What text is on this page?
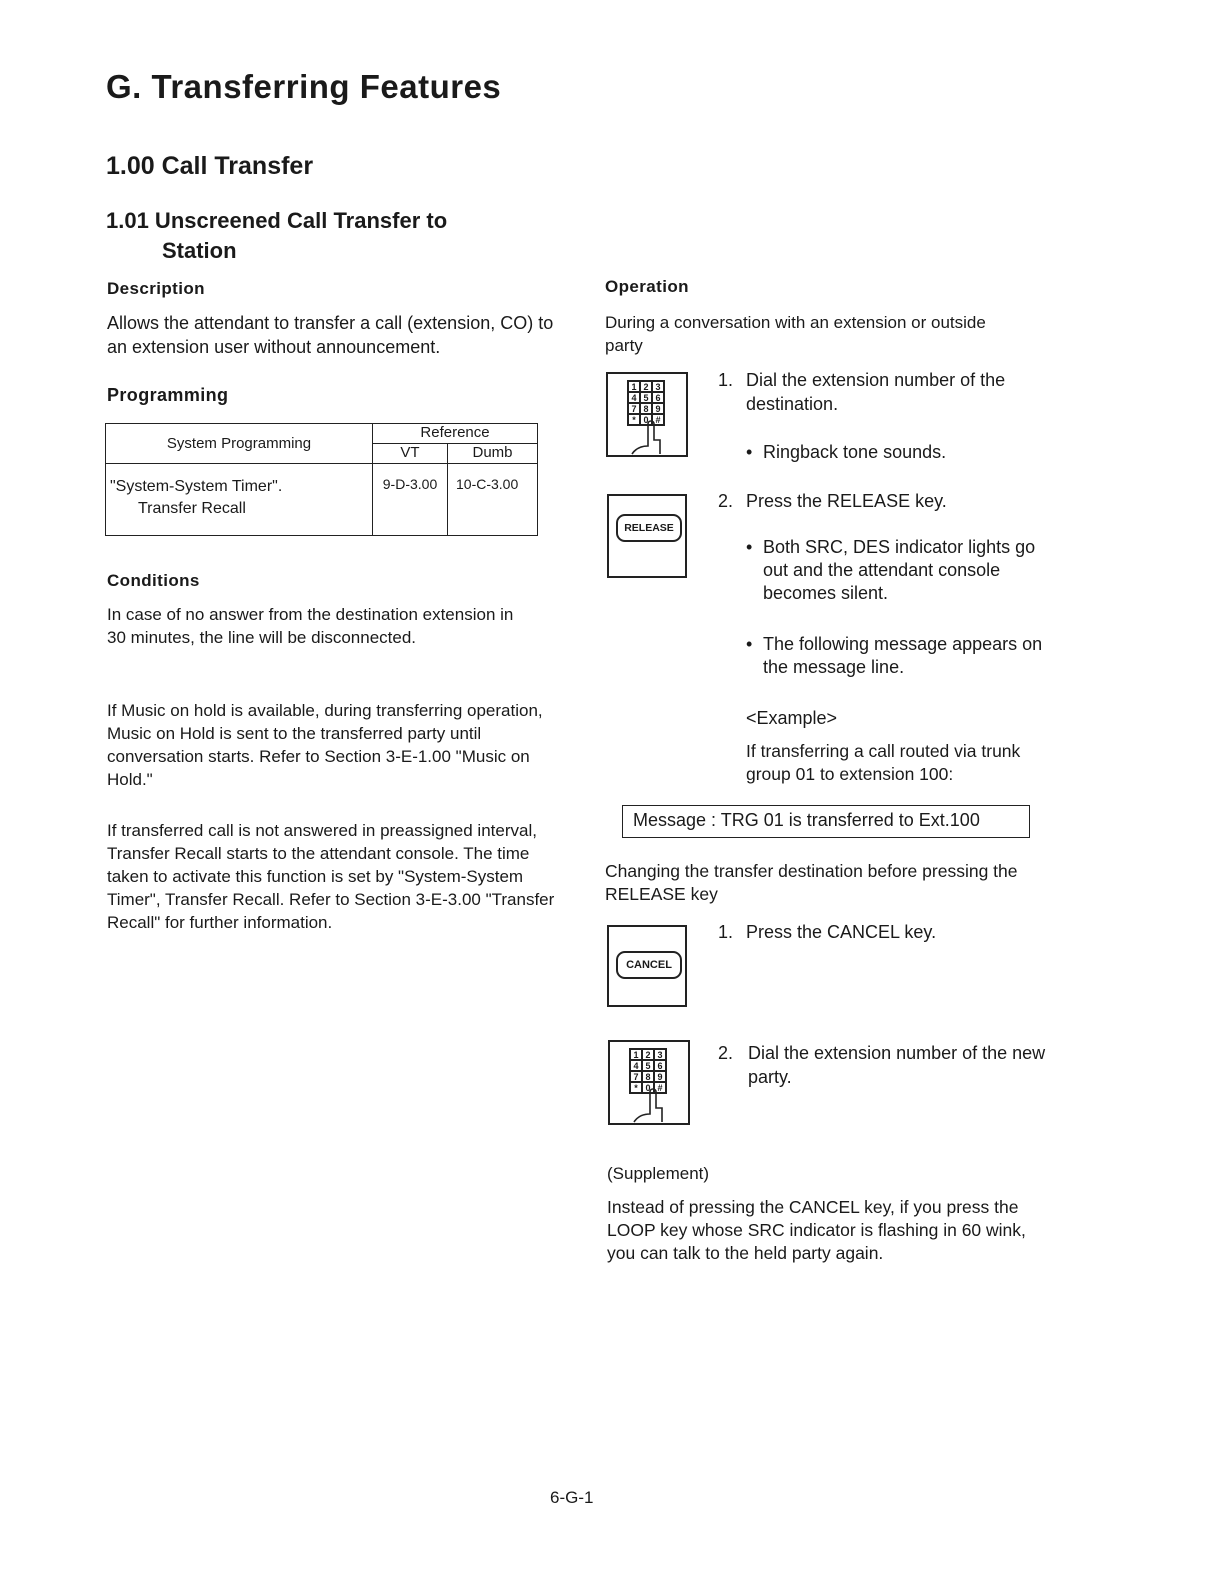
G. Transferring Features
1.00 Call Transfer
1.01 Unscreened Call Transfer to
Station
Description

Allows the attendant to transfer a call (extension, CO) to an extension user without announcement.

Programming
System Programming	Reference	
	VT	Dumb

"System-System Timer".
Transfer Recall	9-D-3.00	10-C-3.00
Conditions

In case of no answer from the destination extension in 30 minutes, the line will be disconnected.

If Music on hold is available, during transferring operation, Music on Hold is sent to the transferred party until conversation starts. Refer to Section 3-E-1.00 "Music on Hold."

If transferred call is not answered in preassigned interval, Transfer Recall starts to the attendant console. The time taken to activate this function is set by "System-System Timer", Transfer Recall. Refer to Section 3-E-3.00 "Transfer Recall" for further information.

Operation

During a conversation with an extension or outside party

1 2 3
4 5 6
7 8 9
* 0 #
1. Dial the extension number of the destination.
• Ringback tone sounds.
RELEASE
2. Press the RELEASE key.
• Both SRC, DES indicator lights go out and the attendant console becomes silent.
• The following message appears on the message line.
<Example>
If transferring a call routed via trunk group 01 to extension 100:
Message : TRG 01 is transferred to Ext.100

Changing the transfer destination before pressing the RELEASE key

CANCEL
1. Press the CANCEL key.
1 2 3
4 5 6
7 8 9
* 0 #
2. Dial the extension number of the new party.
(Supplement)

Instead of pressing the CANCEL key, if you press the LOOP key whose SRC indicator is flashing in 60 wink, you can talk to the held party again.

6-G-1
